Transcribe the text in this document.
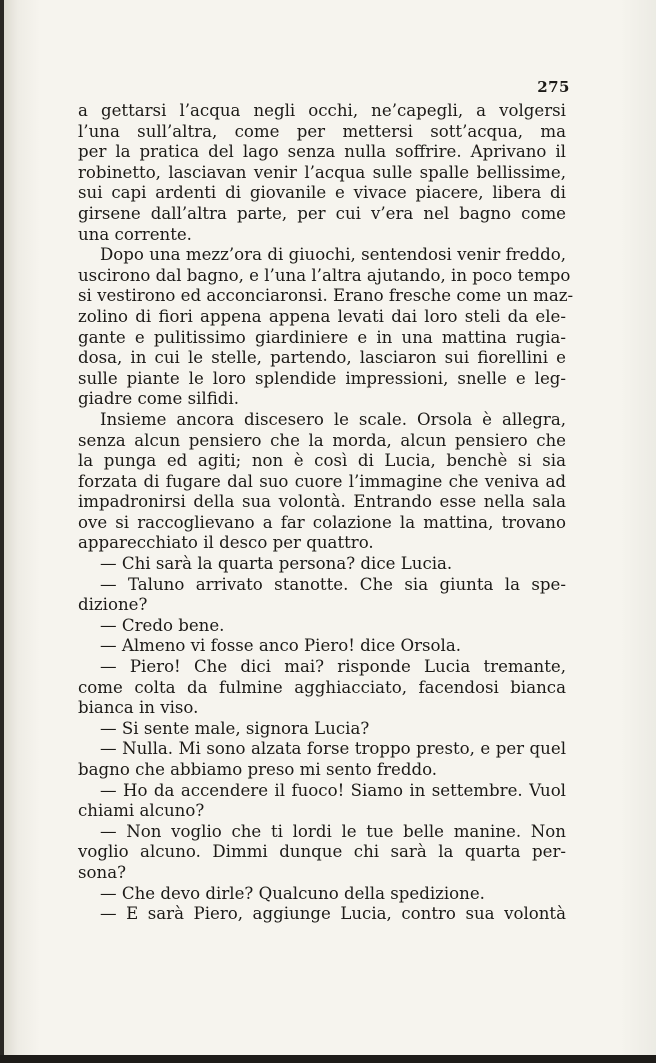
275
a gettarsi l’acqua negli occhi, ne’capegli, a volgersi
l’una sull’altra, come per mettersi sott’acqua, ma
per la pratica del lago senza nulla soffrire. Aprivano il
robinetto, lasciavan venir l’acqua sulle spalle bellissime,
sui capi ardenti di giovanile e vivace piacere, libera di
girsene dall’altra parte, per cui v’era nel bagno come
una corrente.
Dopo una mezz’ora di giuochi, sentendosi venir freddo,
uscirono dal bagno, e l’una l’altra ajutando, in poco tempo
si vestirono ed acconciaronsi. Erano fresche come un maz-
zolino di fiori appena appena levati dai loro steli da ele-
gante e pulitissimo giardiniere e in una mattina rugia-
dosa, in cui le stelle, partendo, lasciaron sui fiorellini e
sulle piante le loro splendide impressioni, snelle e leg-
giadre come silfidi.
Insieme ancora discesero le scale. Orsola è allegra,
senza alcun pensiero che la morda, alcun pensiero che
la punga ed agiti; non è così di Lucia, benchè si sia
forzata di fugare dal suo cuore l’immagine che veniva ad
impadronirsi della sua volontà. Entrando esse nella sala
ove si raccoglievano a far colazione la mattina, trovano
apparecchiato il desco per quattro.
— Chi sarà la quarta persona? dice Lucia.
— Taluno arrivato stanotte. Che sia giunta la spe-
dizione?
— Credo bene.
— Almeno vi fosse anco Piero! dice Orsola.
— Piero! Che dici mai? risponde Lucia tremante,
come colta da fulmine agghiacciato, facendosi bianca
bianca in viso.
— Si sente male, signora Lucia?
— Nulla. Mi sono alzata forse troppo presto, e per quel
bagno che abbiamo preso mi sento freddo.
— Ho da accendere il fuoco! Siamo in settembre. Vuol
chiami alcuno?
— Non voglio che ti lordi le tue belle manine. Non
voglio alcuno. Dimmi dunque chi sarà la quarta per-
sona?
— Che devo dirle? Qualcuno della spedizione.
— E sarà Piero, aggiunge Lucia, contro sua volontà
